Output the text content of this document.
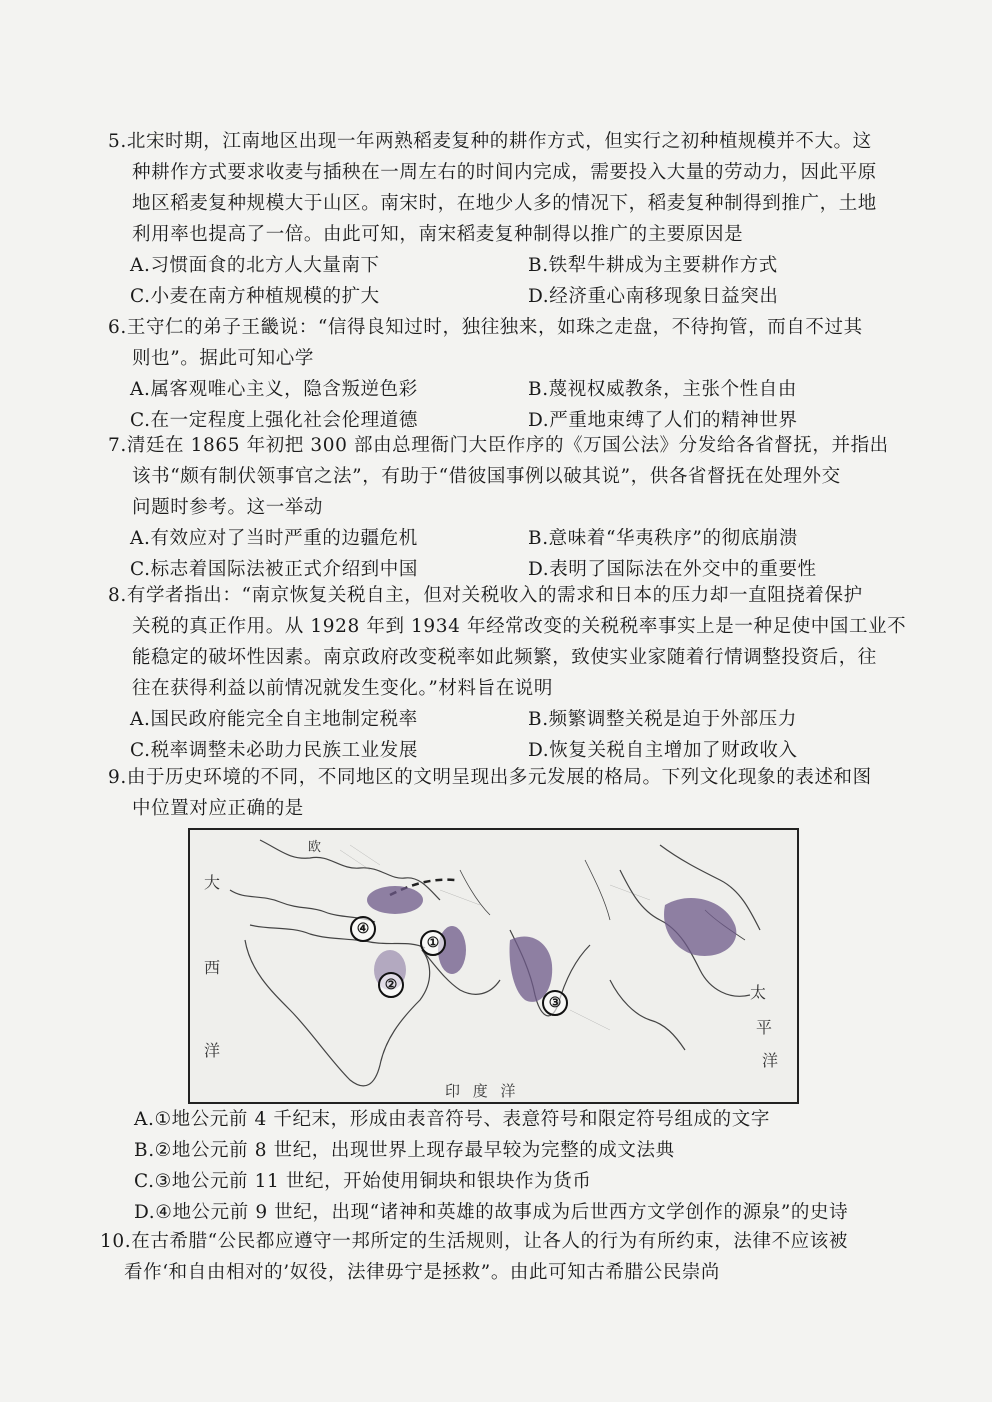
5.北宋时期，江南地区出现一年两熟稻麦复种的耕作方式，但实行之初种植规模并不大。这

种耕作方式要求收麦与插秧在一周左右的时间内完成，需要投入大量的劳动力，因此平原

地区稻麦复种规模大于山区。南宋时，在地少人多的情况下，稻麦复种制得到推广，土地

利用率也提高了一倍。由此可知，南宋稻麦复种制得以推广的主要原因是

A.习惯面食的北方人大量南下	B.铁犁牛耕成为主要耕作方式
C.小麦在南方种植规模的扩大	D.经济重心南移现象日益突出

6.王守仁的弟子王畿说：“信得良知过时，独往独来，如珠之走盘，不待拘管，而自不过其

则也”。据此可知心学

A.属客观唯心主义，隐含叛逆色彩	B.蔑视权威教条，主张个性自由
C.在一定程度上强化社会伦理道德	D.严重地束缚了人们的精神世界

7.清廷在 1865 年初把 300 部由总理衙门大臣作序的《万国公法》分发给各省督抚，并指出

该书“颇有制伏领事官之法”，有助于“借彼国事例以破其说”，供各省督抚在处理外交

问题时参考。这一举动

A.有效应对了当时严重的边疆危机	B.意味着“华夷秩序”的彻底崩溃
C.标志着国际法被正式介绍到中国	D.表明了国际法在外交中的重要性

8.有学者指出：“南京恢复关税自主，但对关税收入的需求和日本的压力却一直阻挠着保护

关税的真正作用。从 1928 年到 1934 年经常改变的关税税率事实上是一种足使中国工业不

能稳定的破坏性因素。南京政府改变税率如此频繁，致使实业家随着行情调整投资后，往

往在获得利益以前情况就发生变化。”材料旨在说明

A.国民政府能完全自主地制定税率	B.频繁调整关税是迫于外部压力
C.税率调整未必助力民族工业发展	D.恢复关税自主增加了财政收入

9.由于历史环境的不同，不同地区的文明呈现出多元发展的格局。下列文化现象的表述和图

中位置对应正确的是

大
西
洋
欧
太
平
洋
印 度 洋
①
②
③
④

A.①地公元前 4 千纪末，形成由表音符号、表意符号和限定符号组成的文字

B.②地公元前 8 世纪，出现世界上现存最早较为完整的成文法典

C.③地公元前 11 世纪，开始使用铜块和银块作为货币

D.④地公元前 9 世纪，出现“诸神和英雄的故事成为后世西方文学创作的源泉”的史诗

10.在古希腊“公民都应遵守一邦所定的生活规则，让各人的行为有所约束，法律不应该被

看作‘和自由相对的’奴役，法律毋宁是拯救”。由此可知古希腊公民崇尚
